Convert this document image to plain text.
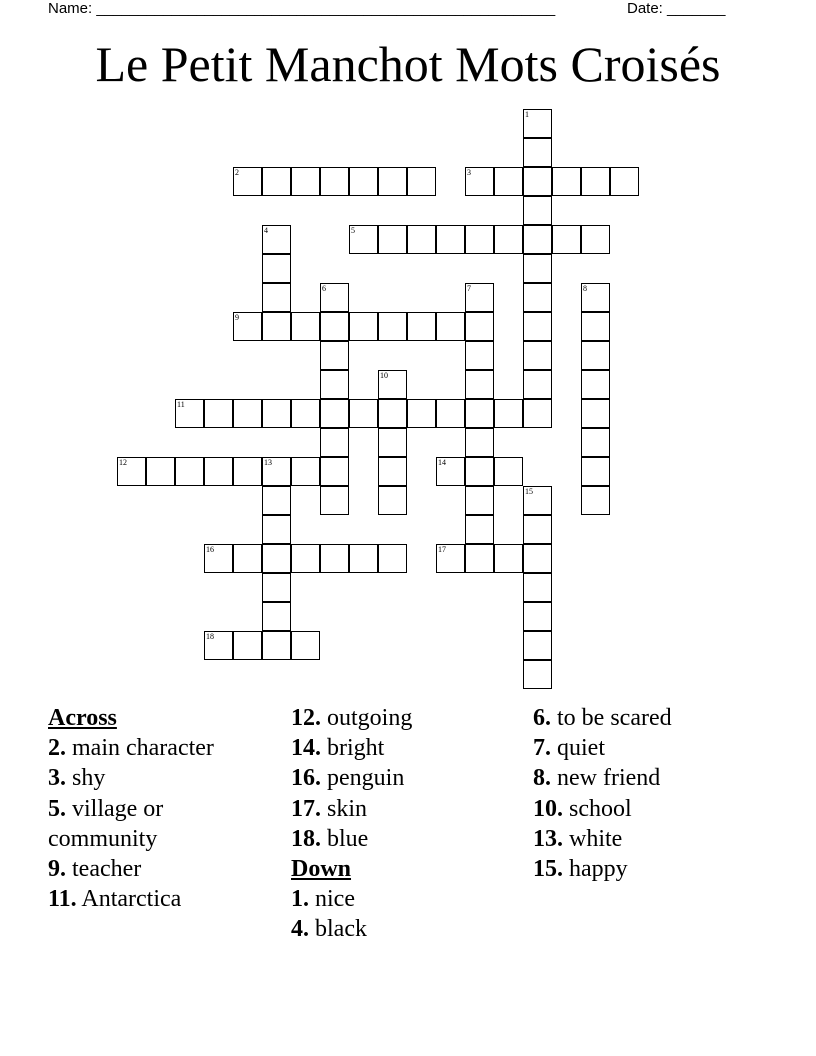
Name: _______________________________________________________	Date: _______
Le Petit Manchot Mots Croisés
1
2	3
4	5
6	7	8
9
10
11
12	13	14
15
16	17
18
Across
2. main character
3. shy
5. village or community
9. teacher
11. Antarctica
12. outgoing
14. bright
16. penguin
17. skin
18. blue
Down
1. nice
4. black
6. to be scared
7. quiet
8. new friend
10. school
13. white
15. happy
